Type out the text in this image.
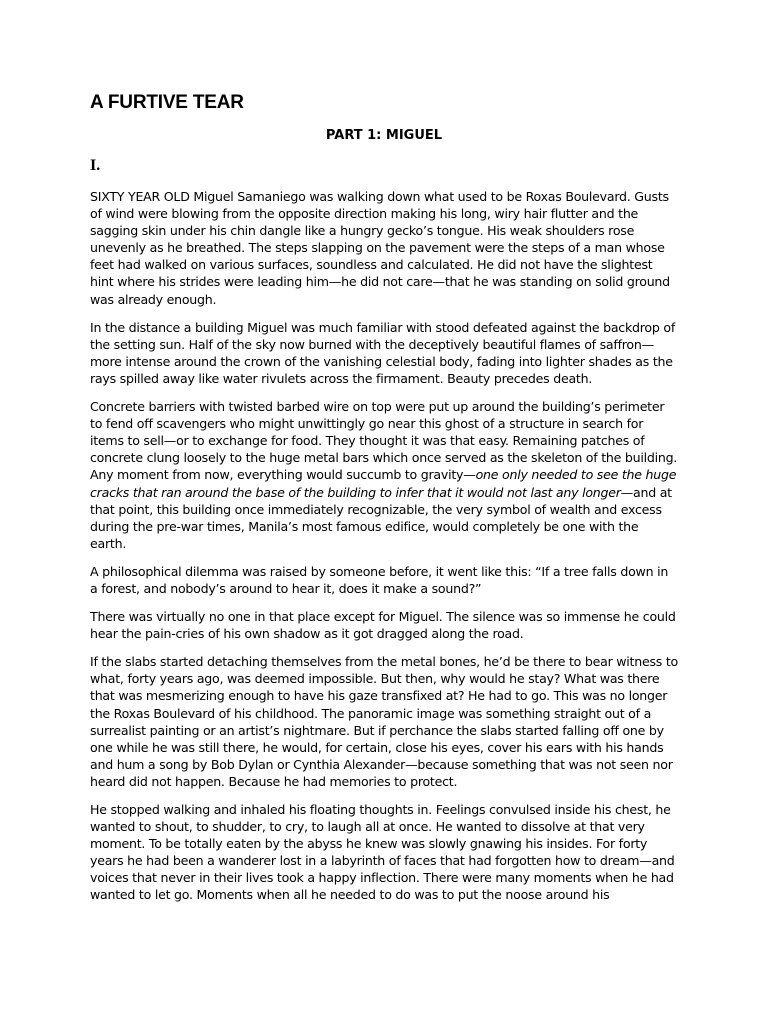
A FURTIVE TEAR
PART 1: MIGUEL
I.

SIXTY YEAR OLD Miguel Samaniego was walking down what used to be Roxas Boulevard. Gusts of wind were blowing from the opposite direction making his long, wiry hair flutter and the sagging skin under his chin dangle like a hungry gecko’s tongue. His weak shoulders rose unevenly as he breathed. The steps slapping on the pavement were the steps of a man whose feet had walked on various surfaces, soundless and calculated. He did not have the slightest hint where his strides were leading him—he did not care—that he was standing on solid ground was already enough.

In the distance a building Miguel was much familiar with stood defeated against the backdrop of the setting sun. Half of the sky now burned with the deceptively beautiful flames of saffron—more intense around the crown of the vanishing celestial body, fading into lighter shades as the rays spilled away like water rivulets across the firmament. Beauty precedes death.

Concrete barriers with twisted barbed wire on top were put up around the building’s perimeter to fend off scavengers who might unwittingly go near this ghost of a structure in search for items to sell—or to exchange for food. They thought it was that easy. Remaining patches of concrete clung loosely to the huge metal bars which once served as the skeleton of the building. Any moment from now, everything would succumb to gravity—one only needed to see the huge cracks that ran around the base of the building to infer that it would not last any longer—and at that point, this building once immediately recognizable, the very symbol of wealth and excess during the pre-war times, Manila’s most famous edifice, would completely be one with the earth.

A philosophical dilemma was raised by someone before, it went like this: “If a tree falls down in a forest, and nobody’s around to hear it, does it make a sound?”

There was virtually no one in that place except for Miguel. The silence was so immense he could hear the pain-cries of his own shadow as it got dragged along the road.

If the slabs started detaching themselves from the metal bones, he’d be there to bear witness to what, forty years ago, was deemed impossible. But then, why would he stay? What was there that was mesmerizing enough to have his gaze transfixed at? He had to go. This was no longer the Roxas Boulevard of his childhood. The panoramic image was something straight out of a surrealist painting or an artist’s nightmare. But if perchance the slabs started falling off one by one while he was still there, he would, for certain, close his eyes, cover his ears with his hands and hum a song by Bob Dylan or Cynthia Alexander—because something that was not seen nor heard did not happen. Because he had memories to protect.

He stopped walking and inhaled his floating thoughts in. Feelings convulsed inside his chest, he wanted to shout, to shudder, to cry, to laugh all at once. He wanted to dissolve at that very moment. To be totally eaten by the abyss he knew was slowly gnawing his insides. For forty years he had been a wanderer lost in a labyrinth of faces that had forgotten how to dream—and voices that never in their lives took a happy inflection. There were many moments when he had wanted to let go. Moments when all he needed to do was to put the noose around his
